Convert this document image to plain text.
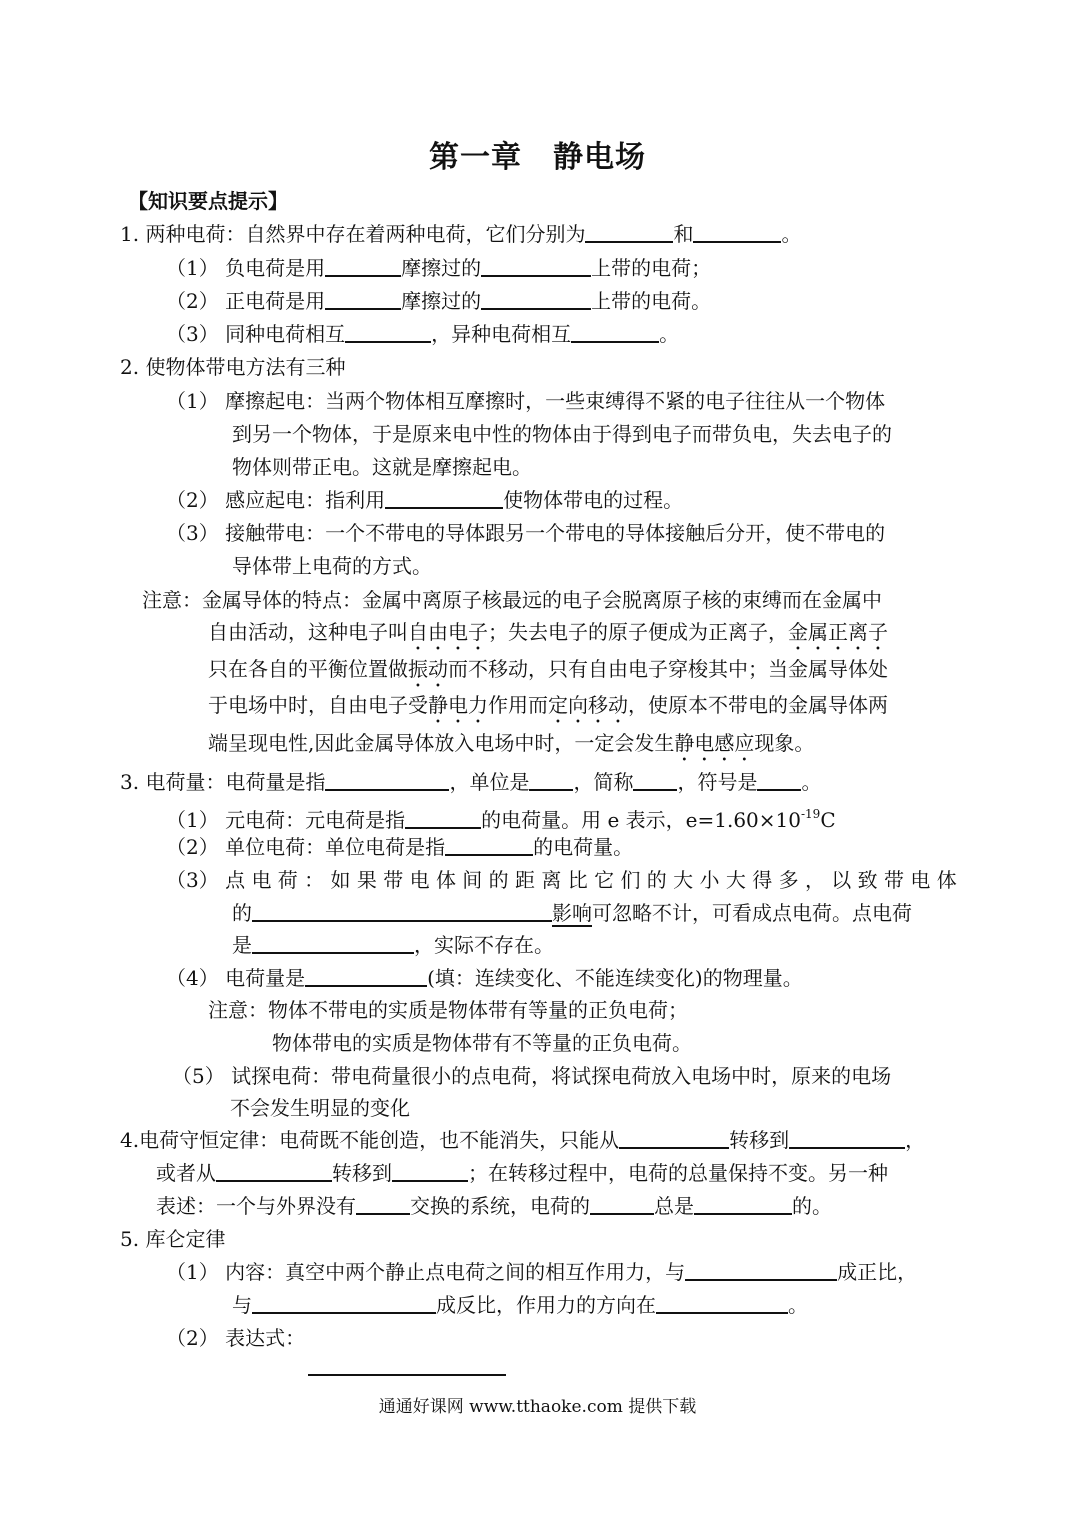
第一章　静电场
【知识要点提示】
1. 两种电荷：自然界中存在着两种电荷，它们分别为	和	。
（1） 负电荷是用	摩擦过的	上带的电荷；
（2） 正电荷是用	摩擦过的	上带的电荷。
（3） 同种电荷相互	，异种电荷相互	。
2. 使物体带电方法有三种
（1） 摩擦起电：当两个物体相互摩擦时，一些束缚得不紧的电子往往从一个物体
到另一个物体，于是原来电中性的物体由于得到电子而带负电，失去电子的
物体则带正电。这就是摩擦起电。
（2） 感应起电：指利用	使物体带电的过程。
（3） 接触带电：一个不带电的导体跟另一个带电的导体接触后分开，使不带电的
导体带上电荷的方式。
注意：金属导体的特点：金属中离原子核最远的电子会脱离原子核的束缚而在金属中
自由活动，这种电子叫自由电子；失去电子的原子便成为正离子，金属正离子
只在各自的平衡位置做振动而不移动，只有自由电子穿梭其中；当金属导体处
于电场中时，自由电子受静电力作用而定向移动，使原本不带电的金属导体两
端呈现电性,因此金属导体放入电场中时，一定会发生静电感应现象。
3. 电荷量：电荷量是指	，单位是 ，简称 ，符号是 。
（1） 元电荷：元电荷是指	的电荷量。用 e 表示，$e=1.60\times 10^{-19}C$
（2） 单位电荷：单位电荷是指	的电荷量。
（3） 点 电 荷 ： 如 果 带 电 体 间 的 距 离 比 它 们 的 大 小 大 得 多 ， 以 致 带 电 体
的	影响可忽略不计，可看成点电荷。点电荷
是	，实际不存在。
（4） 电荷量是	(填：连续变化、不能连续变化)的物理量。
注意：物体不带电的实质是物体带有等量的正负电荷；
物体带电的实质是物体带有不等量的正负电荷。
（5） 试探电荷：带电荷量很小的点电荷，将试探电荷放入电场中时，原来的电场
不会发生明显的变化
4.电荷守恒定律：电荷既不能创造，也不能消失，只能从	转移到	，
或者从	转移到	；在转移过程中，电荷的总量保持不变。另一种
表述：一个与外界没有	交换的系统，电荷的	总是	的。
5. 库仑定律
（1） 内容：真空中两个静止点电荷之间的相互作用力，与	成正比，
与	成反比，作用力的方向在	。
（2） 表达式：
通通好课网 www.tthaoke.com 提供下载
